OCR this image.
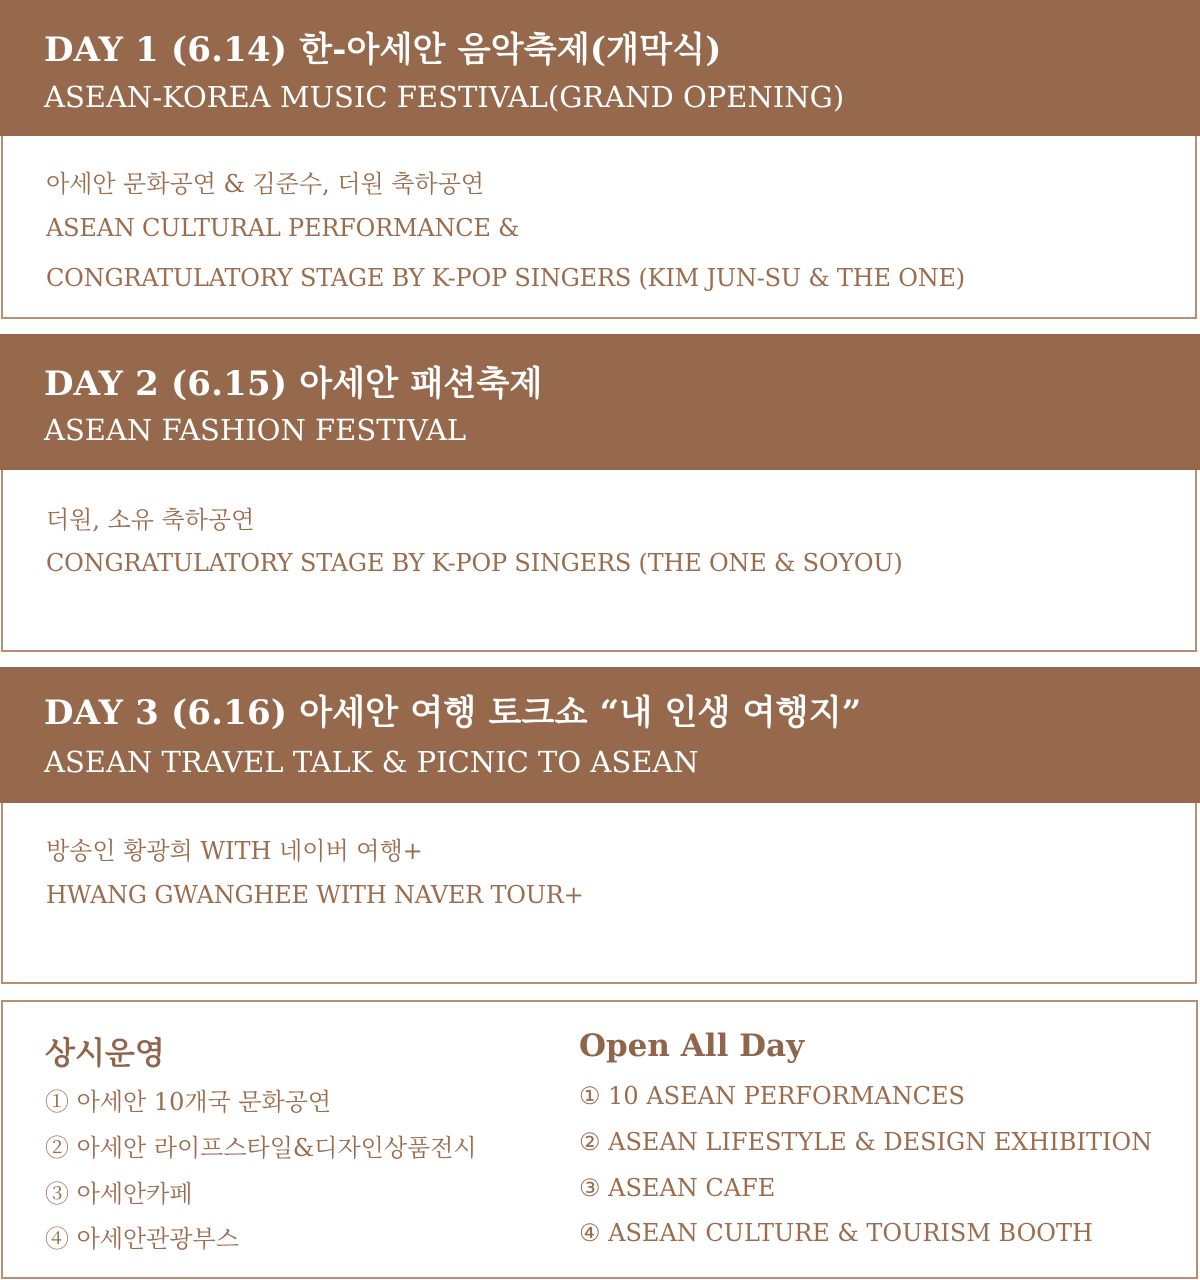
DAY 1 (6.14) 한-아세안 음악축제(개막식)
ASEAN-KOREA MUSIC FESTIVAL(GRAND OPENING)
아세안 문화공연 & 김준수, 더원 축하공연
ASEAN CULTURAL PERFORMANCE &
CONGRATULATORY STAGE BY K-POP SINGERS (KIM JUN-SU & THE ONE)
DAY 2 (6.15) 아세안 패션축제
ASEAN FASHION FESTIVAL
더원, 소유 축하공연
CONGRATULATORY STAGE BY K-POP SINGERS (THE ONE & SOYOU)
DAY 3 (6.16) 아세안 여행 토크쇼 “내 인생 여행지”
ASEAN TRAVEL TALK & PICNIC TO ASEAN
방송인 황광희 WITH 네이버 여행+
HWANG GWANGHEE WITH NAVER TOUR+
상시운영	Open All Day
① 아세안 10개국 문화공연
② 아세안 라이프스타일&디자인상품전시
③ 아세안카페
④ 아세안관광부스
① 10 ASEAN PERFORMANCES
② ASEAN LIFESTYLE & DESIGN EXHIBITION
③ ASEAN CAFE
④ ASEAN CULTURE & TOURISM BOOTH
